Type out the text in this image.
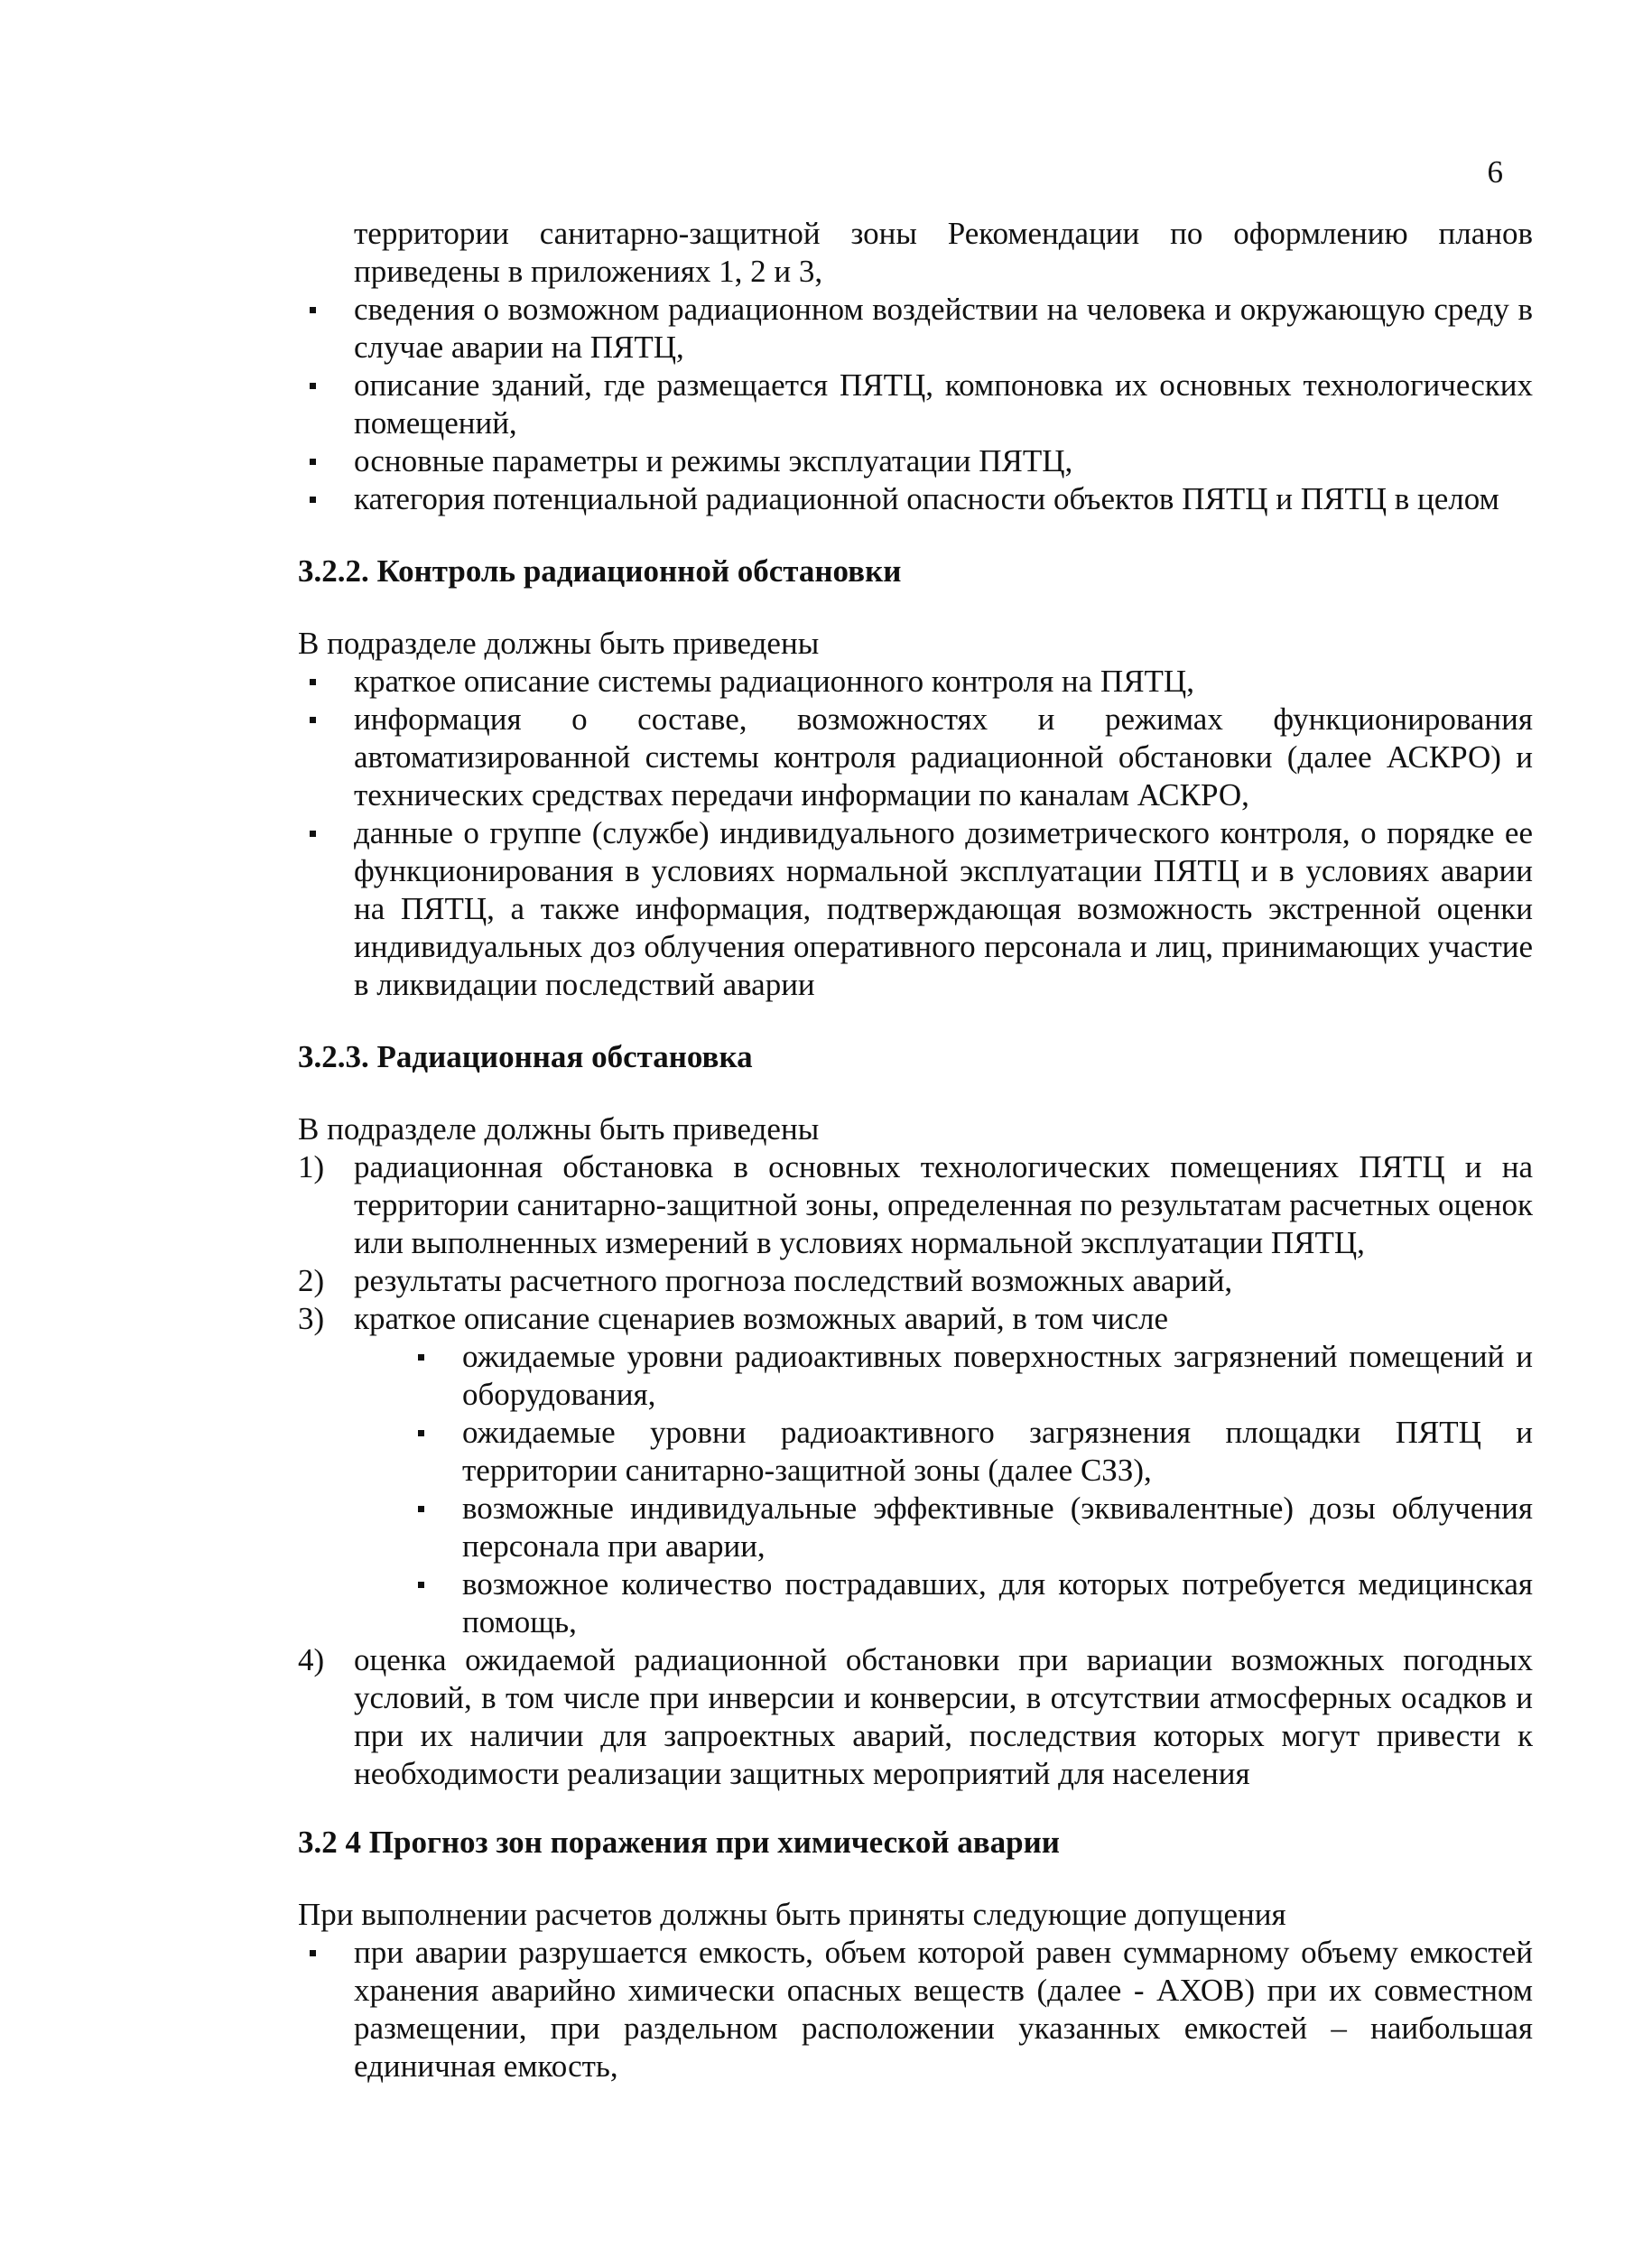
6

территории санитарно-защитной зоны Рекомендации по оформлению планов приведены в приложениях 1, 2 и 3,

сведения о возможном радиационном воздействии на человека и окружающую среду в случае аварии на ПЯТЦ,
описание зданий, где размещается ПЯТЦ, компоновка их основных технологических помещений,
основные параметры и режимы эксплуатации ПЯТЦ,
категория потенциальной радиационной опасности объектов ПЯТЦ и ПЯТЦ в целом

3.2.2. Контроль радиационной обстановки

В подразделе должны быть приведены

краткое описание системы радиационного контроля на ПЯТЦ,
информация о составе, возможностях и режимах функционирования автоматизированной системы контроля радиационной обстановки (далее АСКРО) и технических средствах передачи информации по каналам АСКРО,
данные о группе (службе) индивидуального дозиметрического контроля, о порядке ее функционирования в условиях нормальной эксплуатации ПЯТЦ и в условиях аварии на ПЯТЦ, а также информация, подтверждающая возможность экстренной оценки индивидуальных доз облучения оперативного персонала и лиц, принимающих участие в ликвидации последствий аварии

3.2.3. Радиационная обстановка

В подразделе должны быть приведены

1) радиационная обстановка в основных технологических помещениях ПЯТЦ и на территории санитарно-защитной зоны, определенная по результатам расчетных оценок или выполненных измерений в условиях нормальной эксплуатации ПЯТЦ,
2) результаты расчетного прогноза последствий возможных аварий,
3) краткое описание сценариев возможных аварий, в том числе
ожидаемые уровни радиоактивных поверхностных загрязнений помещений и оборудования,
ожидаемые уровни радиоактивного загрязнения площадки ПЯТЦ и территории санитарно-защитной зоны (далее СЗЗ),
возможные индивидуальные эффективные (эквивалентные) дозы облучения персонала при аварии,
возможное количество пострадавших, для которых потребуется медицинская помощь,
4) оценка ожидаемой радиационной обстановки при вариации возможных погодных условий, в том числе при инверсии и конверсии, в отсутствии атмосферных осадков и при их наличии для запроектных аварий, последствия которых могут привести к необходимости реализации защитных мероприятий для населения

3.2 4 Прогноз зон поражения при химической аварии

При выполнении расчетов должны быть приняты следующие допущения

при аварии разрушается емкость, объем которой равен суммарному объему емкостей хранения аварийно химически опасных веществ (далее - АХОВ) при их совместном размещении, при раздельном расположении указанных емкостей – наибольшая единичная емкость,
